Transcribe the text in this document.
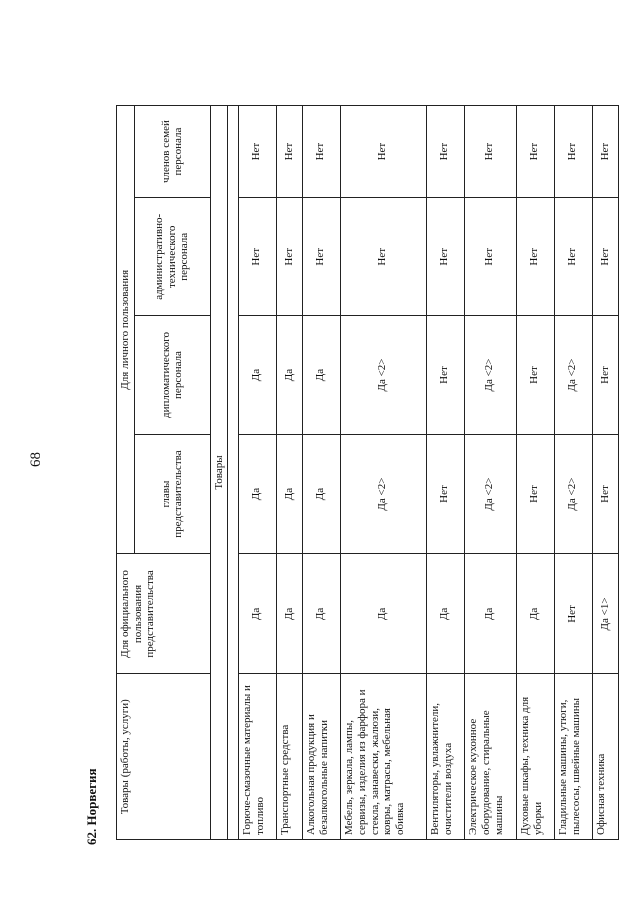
68
62. Норвегия Товары (работы, услуги)	Для официального пользования представительства	Для личного пользования			
		главы представительства	дипломатического персонала	административно-технического персонала	членов семей персонала
Товары					

Горюче-смазочные материалы и топливо	Да	Да	Да	Нет	Нет
Транспортные средства	Да	Да	Да	Нет	Нет
Алкогольная продукция и безалкогольные напитки	Да	Да	Да	Нет	Нет
Мебель, зеркала, лампы, сервизы, изделия из фарфора и стекла, занавески, жалюзи, ковры, матрасы, мебельная обивка	Да	Да <2>	Да <2>	Нет	Нет
Вентиляторы, увлажнители, очистители воздуха	Да	Нет	Нет	Нет	Нет
Электрическое кухонное оборудование, стиральные машины	Да	Да <2>	Да <2>	Нет	Нет
Духовые шкафы, техника для уборки	Да	Нет	Нет	Нет	Нет
Гладильные машины, утюги, пылесосы, швейные машины	Нет	Да <2>	Да <2>	Нет	Нет
Офисная техника	Да <1>	Нет	Нет	Нет	Нет
